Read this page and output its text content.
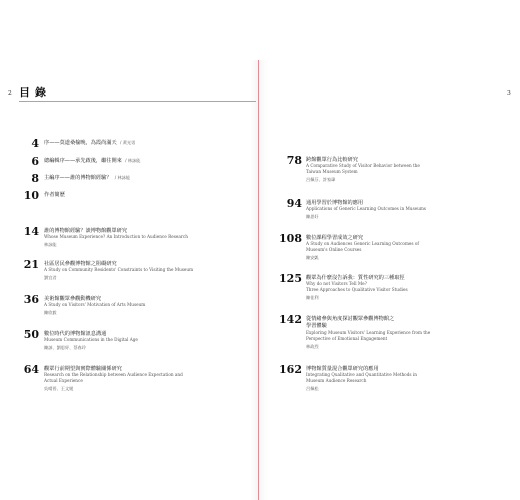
2	3
目錄
4 序——莫道桑榆晚，為霞尚滿天 / 黃光男
6 總編輯序——承先啟後，繼往開來 / 林詠能
8 主編序——誰的博物館經驗？ / 林詠能
10 作者簡歷
14 誰的博物館經驗？談博物館觀眾研究
Whose Museum Experience? An Introduction to Audience Research
林詠能
21 社區居民參觀博物館之阻礙研究
A Study on Community Residents' Constraints to Visiting the Museum
劉宜君
36 美術館觀眾參觀動機研究
A Study on Visitors' Motivation of Arts Museum
陳欣毅
50 數位時代的博物館訊息溝通
Museum Communications in the Digital Age
陳諺、劉思妤、蔡春玲
64 觀眾行前期望與實際體驗關係研究
Research on the Relationship between Audience Expectation and
Actual Experience
吳晴晉、王文媛
78 跨館觀眾行為比較研究
A Comparative Study of Visitor Behavior between the
Taiwan Museum System
呂佩芬、許家瑋
94 通用學習於博物館的應用
Applications of Generic Learning Outcomes in Museums
陳思好
108 數位課程學習成效之研究
A Study on Audiences Generic Learning Outcomes of
Museum's Online Courses
陳安凱
125 觀眾為什麼沒告訴我：質性研究的三種取徑
Why do not Visitors Tell Me?
Three Approaches to Qualitative Visitor Studies
陳佳利
142 從情緒參與角度探討觀眾參觀博物館之
學習體驗
Exploring Museum Visitors' Learning Experience from the
Perspective of Emotional Engagement
林政烈
162 博物館質量混合觀眾研究的應用
Integrating Qualitative and Quantitative Methods in
Museum Audience Research
呂佩松
